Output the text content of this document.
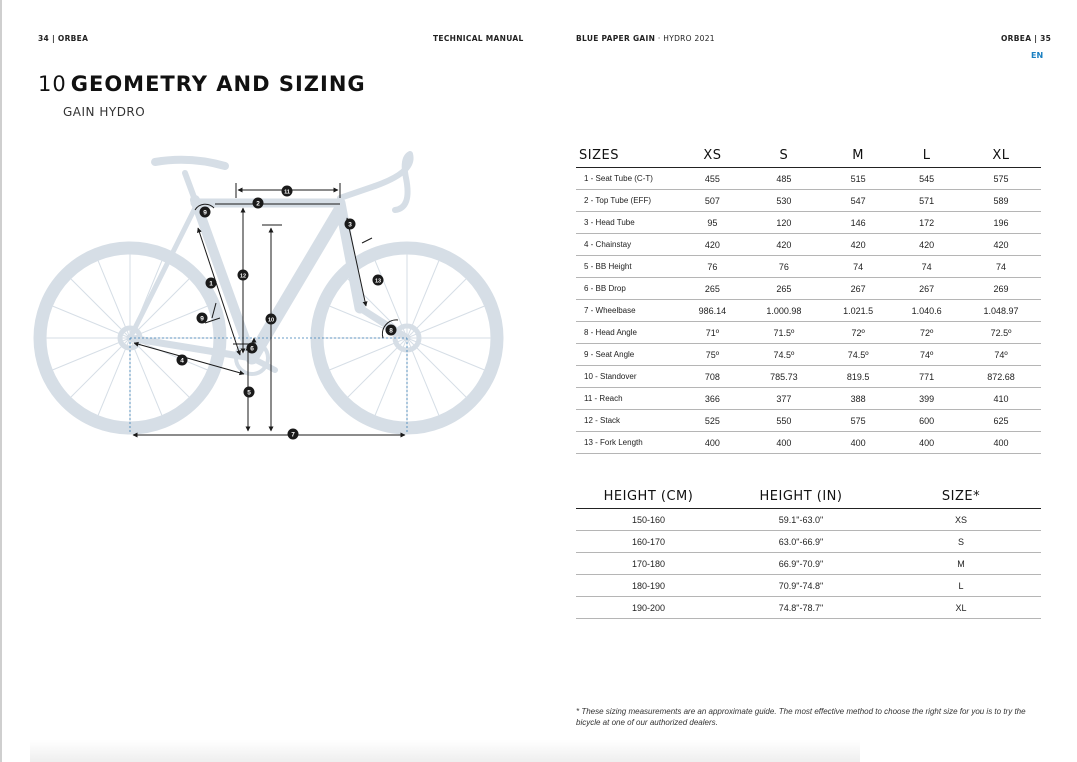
34 | ORBEA	TECHNICAL MANUAL	BLUE PAPER GAIN · HYDRO 2021	ORBEA | 35
EN
10 GEOMETRY AND SIZING
GAIN HYDRO
1
2
3
4
5
6
7
8
9
10
11
12
13
9
SIZES	XS	S	M	L	XL
1 - Seat Tube (C-T)	455	485	515	545	575
2 - Top Tube (EFF)	507	530	547	571	589
3 - Head Tube	95	120	146	172	196
4 - Chainstay	420	420	420	420	420
5 - BB Height	76	76	74	74	74
6 - BB Drop	265	265	267	267	269
7 - Wheelbase	986.14	1.000.98	1.021.5	1.040.6	1.048.97
8 - Head Angle	71º	71.5º	72º	72º	72.5º
9 - Seat Angle	75º	74.5º	74.5º	74º	74º
10 - Standover	708	785.73	819.5	771	872.68
11 - Reach	366	377	388	399	410
12 - Stack	525	550	575	600	625
13 - Fork Length	400	400	400	400	400
HEIGHT (CM)	HEIGHT (IN)	SIZE*
150-160	59.1"-63.0"	XS
160-170	63.0"-66.9"	S
170-180	66.9"-70.9"	M
180-190	70.9"-74.8"	L
190-200	74.8"-78.7"	XL

* These sizing measurements are an approximate guide. The most effective method to choose the right size for you is to try the bicycle at one of our authorized dealers.
